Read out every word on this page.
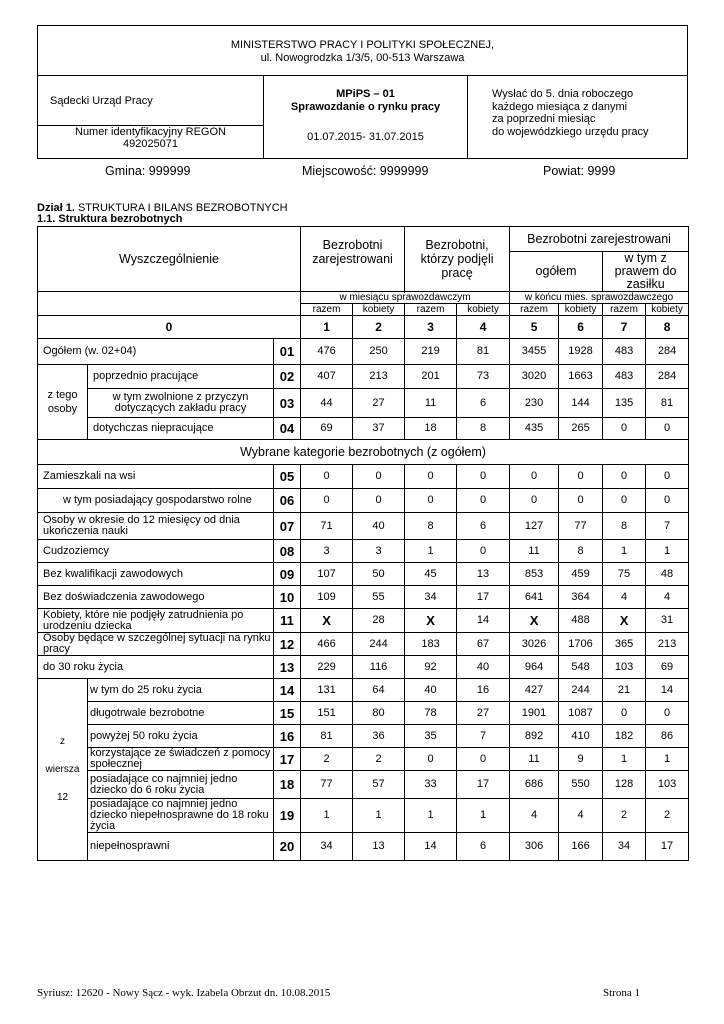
MINISTERSTWO PRACY I POLITYKI SPOŁECZNEJ,
ul. Nowogrodzka 1/3/5, 00-513 Warszawa
Sądecki Urząd Pracy
Numer identyfikacyjny REGON
492025071
MPiPS – 01
Sprawozdanie o rynku pracy
01.07.2015- 31.07.2015
Wysłać do 5. dnia roboczego
każdego miesiąca z danymi
za poprzedni miesiąc
do wojewódzkiego urzędu pracy
Gmina: 999999	Miejscowość: 9999999	Powiat: 9999
Dział 1. STRUKTURA I BILANS BEZROBOTNYCH
1.1. Struktura bezrobotnych
Wyszczególnienie			Bezrobotni zarejestrowani		Bezrobotni, którzy podjęli pracę		Bezrobotni zarejestrowani			
							ogółem		w tym z prawem do zasiłku	

			w miesiącu sprawozdawczym				w końcu mies. sprawozdawczego			
			razem	kobiety	razem	kobiety	razem	kobiety	razem	kobiety
0			1	2	3	4	5	6	7	8
Ogółem (w. 02+04)		01	476	250	219	81	3455	1928	483	284
z tego osoby	poprzednio pracujące	02	407	213	201	73	3020	1663	483	284
	w tym zwolnione z przyczyn dotyczących zakładu pracy	03	44	27	11	6	230	144	135	81
	dotychczas niepracujące	04	69	37	18	8	435	265	0	0
Wybrane kategorie bezrobotnych (z ogółem)										
Zamieszkali na wsi		05	0	0	0	0	0	0	0	0
w tym posiadający gospodarstwo rolne		06	0	0	0	0	0	0	0	0
Osoby w okresie do 12 miesięcy od dnia ukończenia nauki		07	71	40	8	6	127	77	8	7
Cudzoziemcy		08	3	3	1	0	11	8	1	1
Bez kwalifikacji zawodowych		09	107	50	45	13	853	459	75	48
Bez doświadczenia zawodowego		10	109	55	34	17	641	364	4	4
Kobiety, które nie podjęły zatrudnienia po urodzeniu dziecka		11	X	28	X	14	X	488	X	31
Osoby będące w szczególnej sytuacji na rynku pracy		12	466	244	183	67	3026	1706	365	213
do 30 roku życia		13	229	116	92	40	964	548	103	69

z
wiersza
12	w tym do 25 roku życia	14	131	64	40	16	427	244	21	14
	długotrwale bezrobotne	15	151	80	78	27	1901	1087	0	0
	powyżej 50 roku życia	16	81	36	35	7	892	410	182	86
	korzystające ze świadczeń z pomocy społecznej	17	2	2	0	0	11	9	1	1
	posiadające co najmniej jedno dziecko do 6 roku życia	18	77	57	33	17	686	550	128	103
	posiadające co najmniej jedno dziecko niepełnosprawne do 18 roku życia	19	1	1	1	1	4	4	2	2
	niepełnosprawni	20	34	13	14	6	306	166	34	17
Syriusz: 12620 - Nowy Sącz - wyk. Izabela Obrzut dn. 10.08.2015	Strona 1
